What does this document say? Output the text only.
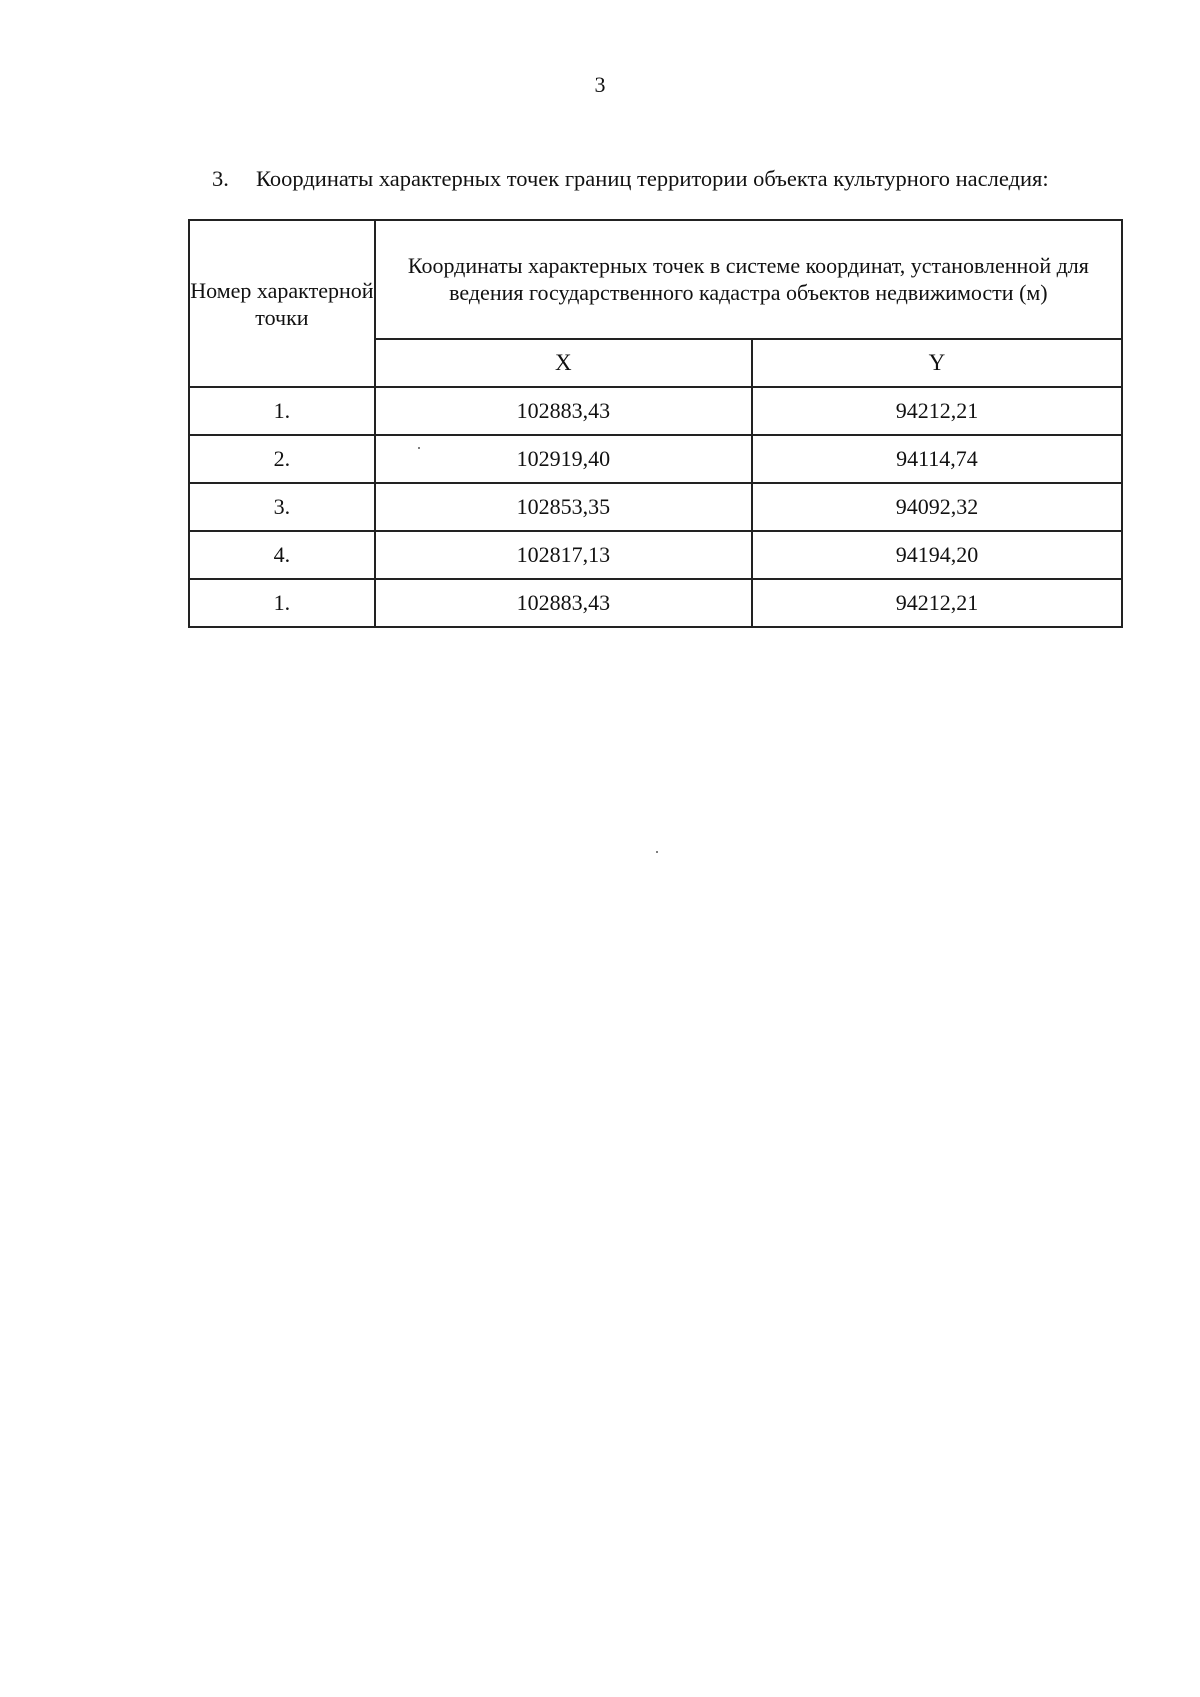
3
3. Координаты характерных точек границ территории объекта культурного наследия:
Номер характерной точки	Координаты характерных точек в системе координат, установленной для ведения государственного кадастра объектов недвижимости (м)	
	X	Y
1.	102883,43	94212,21
2.	102919,40	94114,74
3.	102853,35	94092,32
4.	102817,13	94194,20
1.	102883,43	94212,21
